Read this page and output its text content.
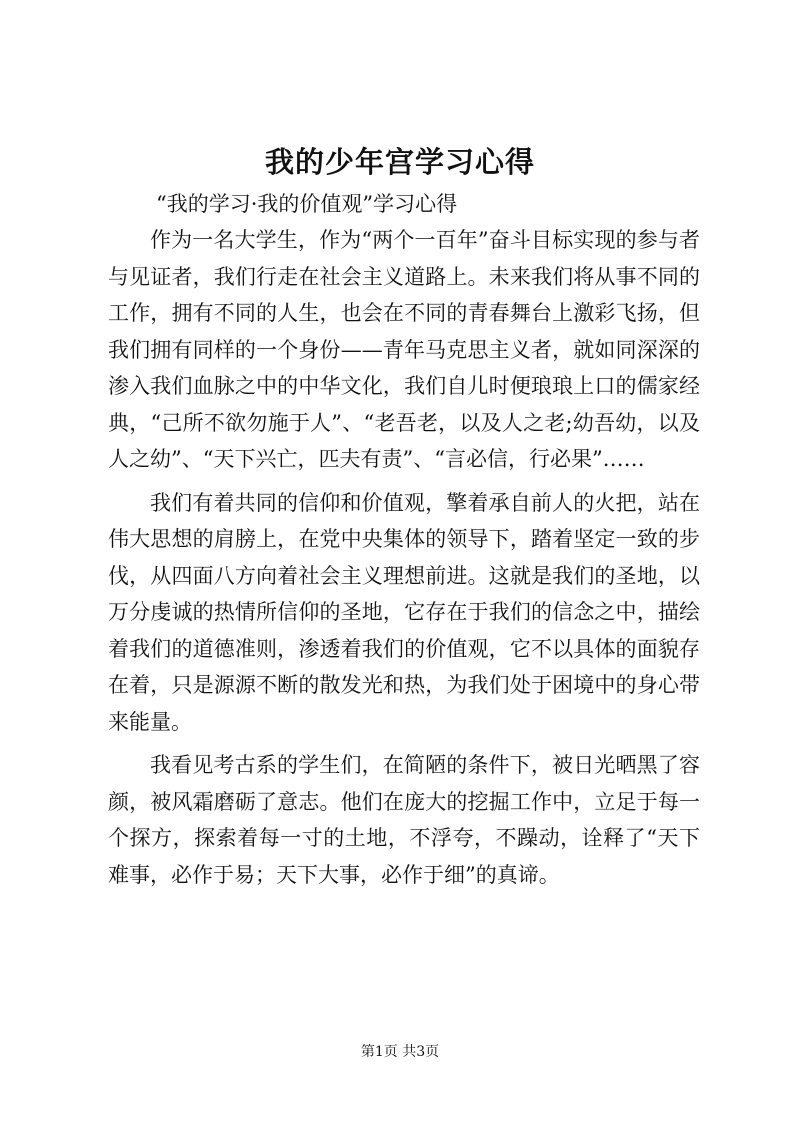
我的少年宫学习心得

“我的学习·我的价值观”学习心得

作为一名大学生，作为“两个一百年”奋斗目标实现的参与者与见证者，我们行走在社会主义道路上。未来我们将从事不同的工作，拥有不同的人生，也会在不同的青春舞台上激彩飞扬，但我们拥有同样的一个身份——青年马克思主义者，就如同深深的渗入我们血脉之中的中华文化，我们自儿时便琅琅上口的儒家经典，“己所不欲勿施于人”、“老吾老，以及人之老;幼吾幼，以及人之幼”、“天下兴亡，匹夫有责”、“言必信，行必果”……

我们有着共同的信仰和价值观，擎着承自前人的火把，站在伟大思想的肩膀上，在党中央集体的领导下，踏着坚定一致的步伐，从四面八方向着社会主义理想前进。这就是我们的圣地，以万分虔诚的热情所信仰的圣地，它存在于我们的信念之中，描绘着我们的道德准则，渗透着我们的价值观，它不以具体的面貌存在着，只是源源不断的散发光和热，为我们处于困境中的身心带来能量。

我看见考古系的学生们，在简陋的条件下，被日光晒黑了容颜，被风霜磨砺了意志。他们在庞大的挖掘工作中，立足于每一个探方，探索着每一寸的土地，不浮夸，不躁动，诠释了“天下难事，必作于易；天下大事，必作于细”的真谛。

第1页 共3页
